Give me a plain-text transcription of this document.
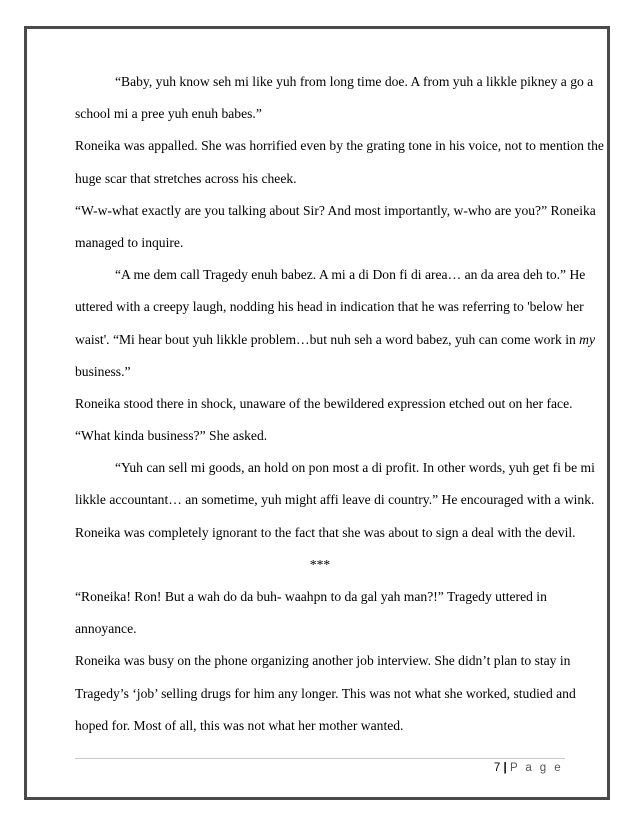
“Baby, yuh know seh mi like yuh from long time doe. A from yuh a likkle pikney a go a
school mi a pree yuh enuh babes.”
Roneika was appalled. She was horrified even by the grating tone in his voice, not to mention the
huge scar that stretches across his cheek.
“W-w-what exactly are you talking about Sir? And most importantly, w-who are you?” Roneika
managed to inquire.
“A me dem call Tragedy enuh babez. A mi a di Don fi di area… an da area deh to.” He
uttered with a creepy laugh, nodding his head in indication that he was referring to 'below her
waist'. “Mi hear bout yuh likkle problem…but nuh seh a word babez, yuh can come work in my
business.”
Roneika stood there in shock, unaware of the bewildered expression etched out on her face.
“What kinda business?” She asked.
“Yuh can sell mi goods, an hold on pon most a di profit. In other words, yuh get fi be mi
likkle accountant… an sometime, yuh might affi leave di country.” He encouraged with a wink.
Roneika was completely ignorant to the fact that she was about to sign a deal with the devil.
***
“Roneika! Ron! But a wah do da buh- waahpn to da gal yah man?!” Tragedy uttered in
annoyance.
Roneika was busy on the phone organizing another job interview. She didn’t plan to stay in
Tragedy’s ‘job’ selling drugs for him any longer. This was not what she worked, studied and
hoped for. Most of all, this was not what her mother wanted.
7 | P a g e
